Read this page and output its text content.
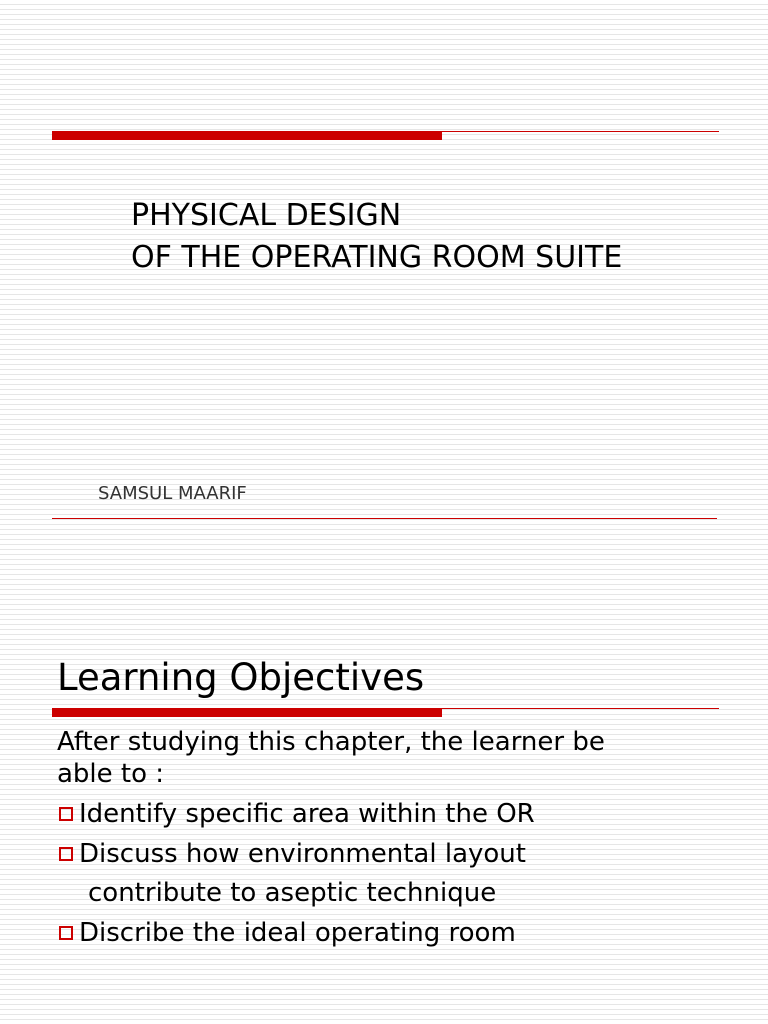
PHYSICAL DESIGN
OF THE OPERATING ROOM SUITE
SAMSUL MAARIF
Learning Objectives
After studying this chapter, the learner be
able to :
Identify specific area within the OR
Discuss how environmental layout
contribute to aseptic technique
Discribe the ideal operating room
